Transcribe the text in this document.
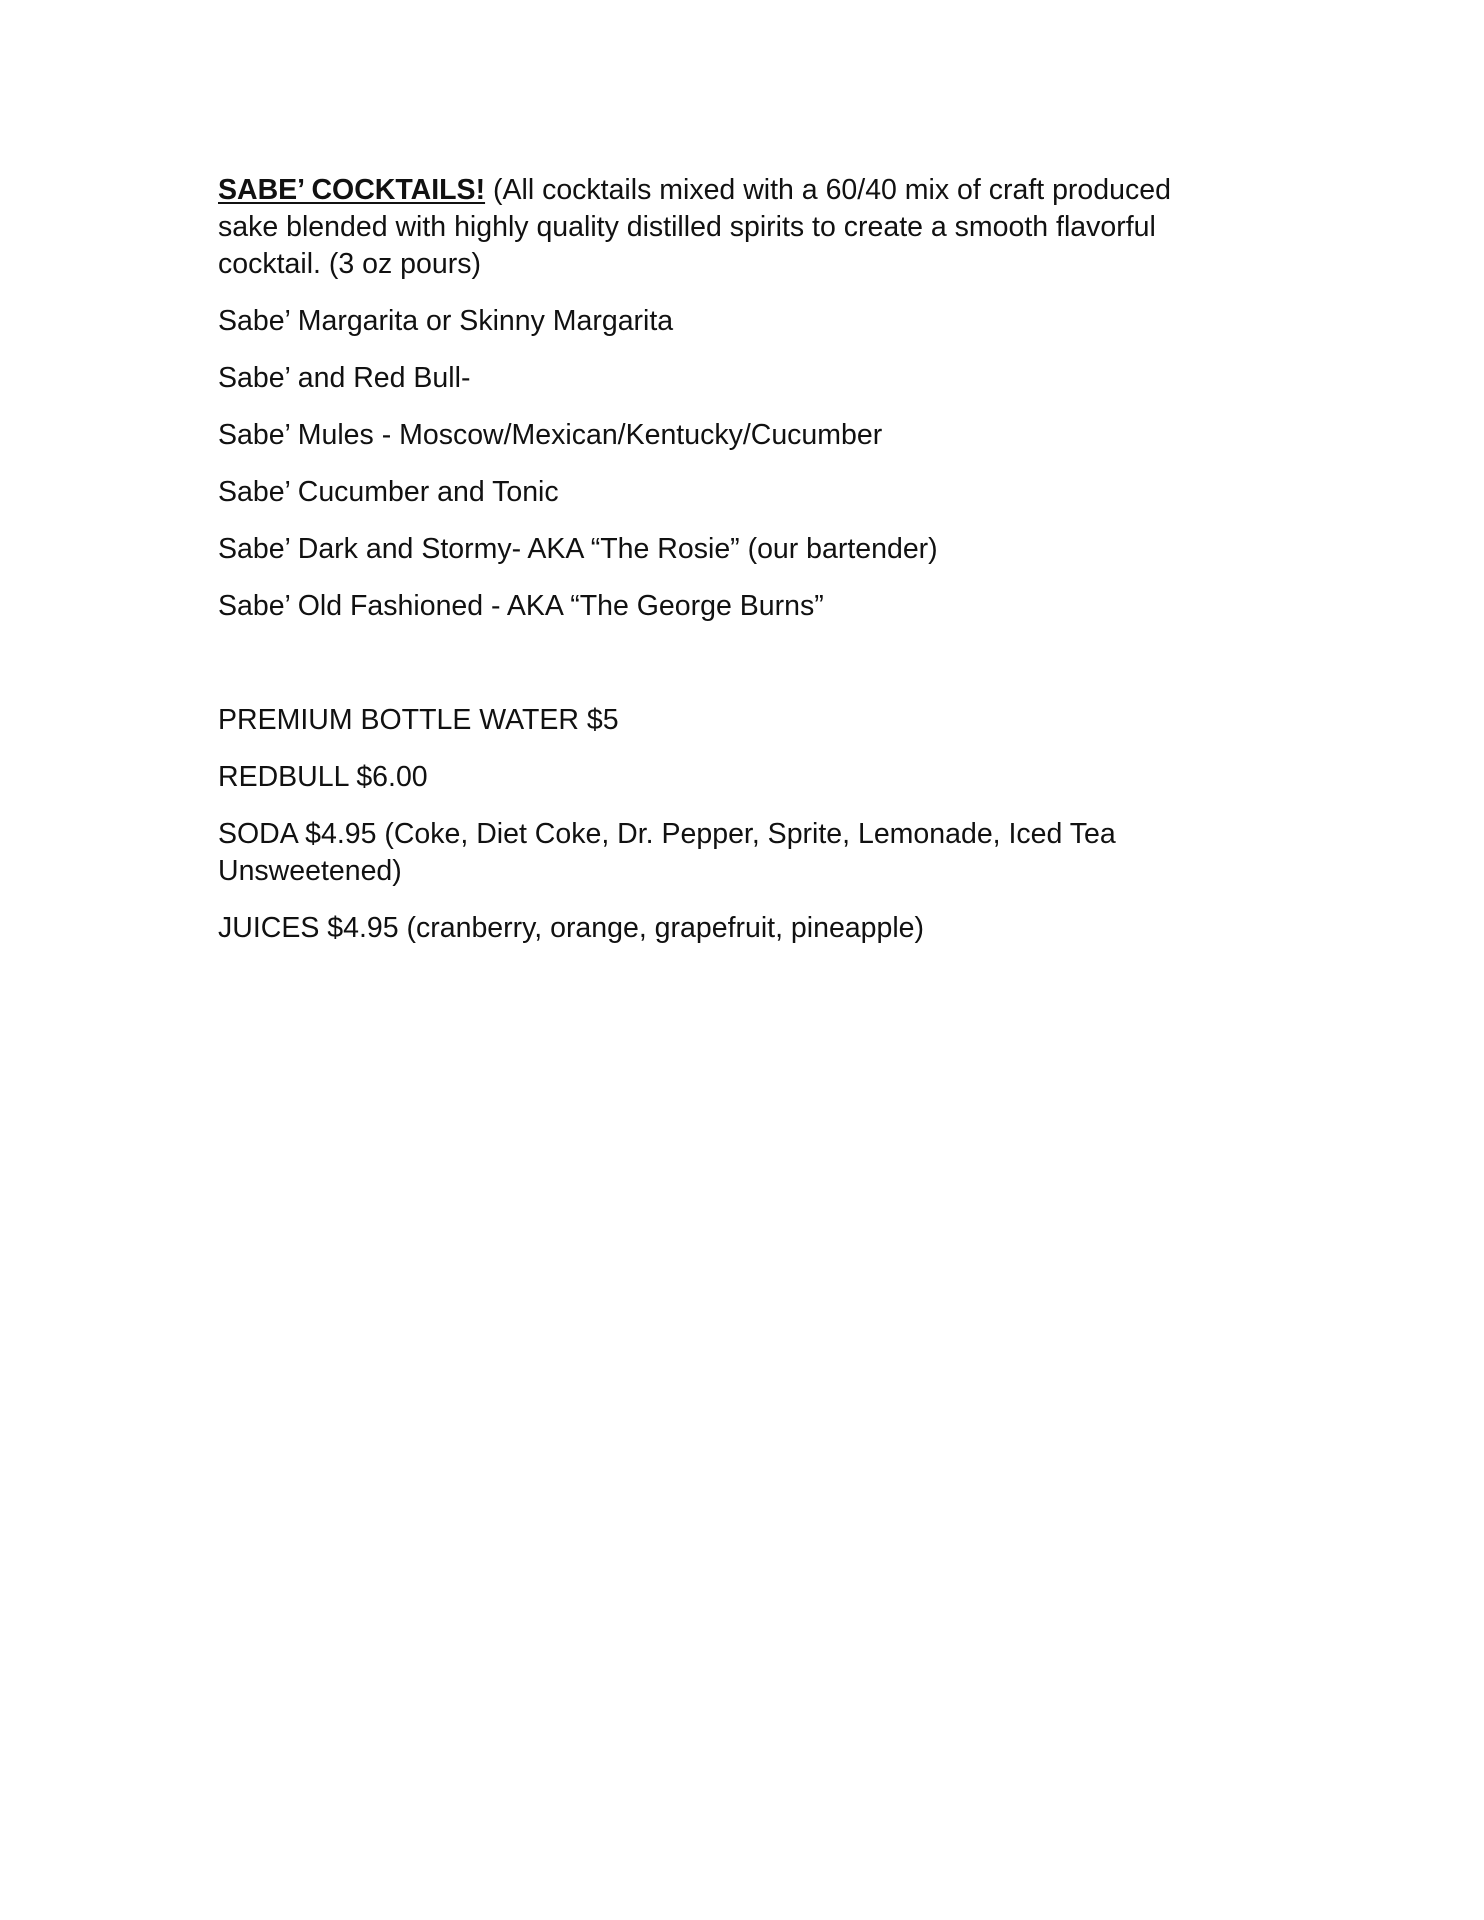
SABE’ COCKTAILS! (All cocktails mixed with a 60/40 mix of craft produced sake blended with highly quality distilled spirits to create a smooth flavorful cocktail. (3 oz pours)

Sabe’ Margarita or Skinny Margarita
Sabe’ and Red Bull-
Sabe’ Mules - Moscow/Mexican/Kentucky/Cucumber
Sabe’ Cucumber and Tonic
Sabe’ Dark and Stormy- AKA “The Rosie” (our bartender)
Sabe’ Old Fashioned - AKA “The George Burns”
PREMIUM BOTTLE WATER $5
REDBULL $6.00
SODA $4.95 (Coke, Diet Coke, Dr. Pepper, Sprite, Lemonade, Iced Tea Unsweetened)
JUICES $4.95 (cranberry, orange, grapefruit, pineapple)
